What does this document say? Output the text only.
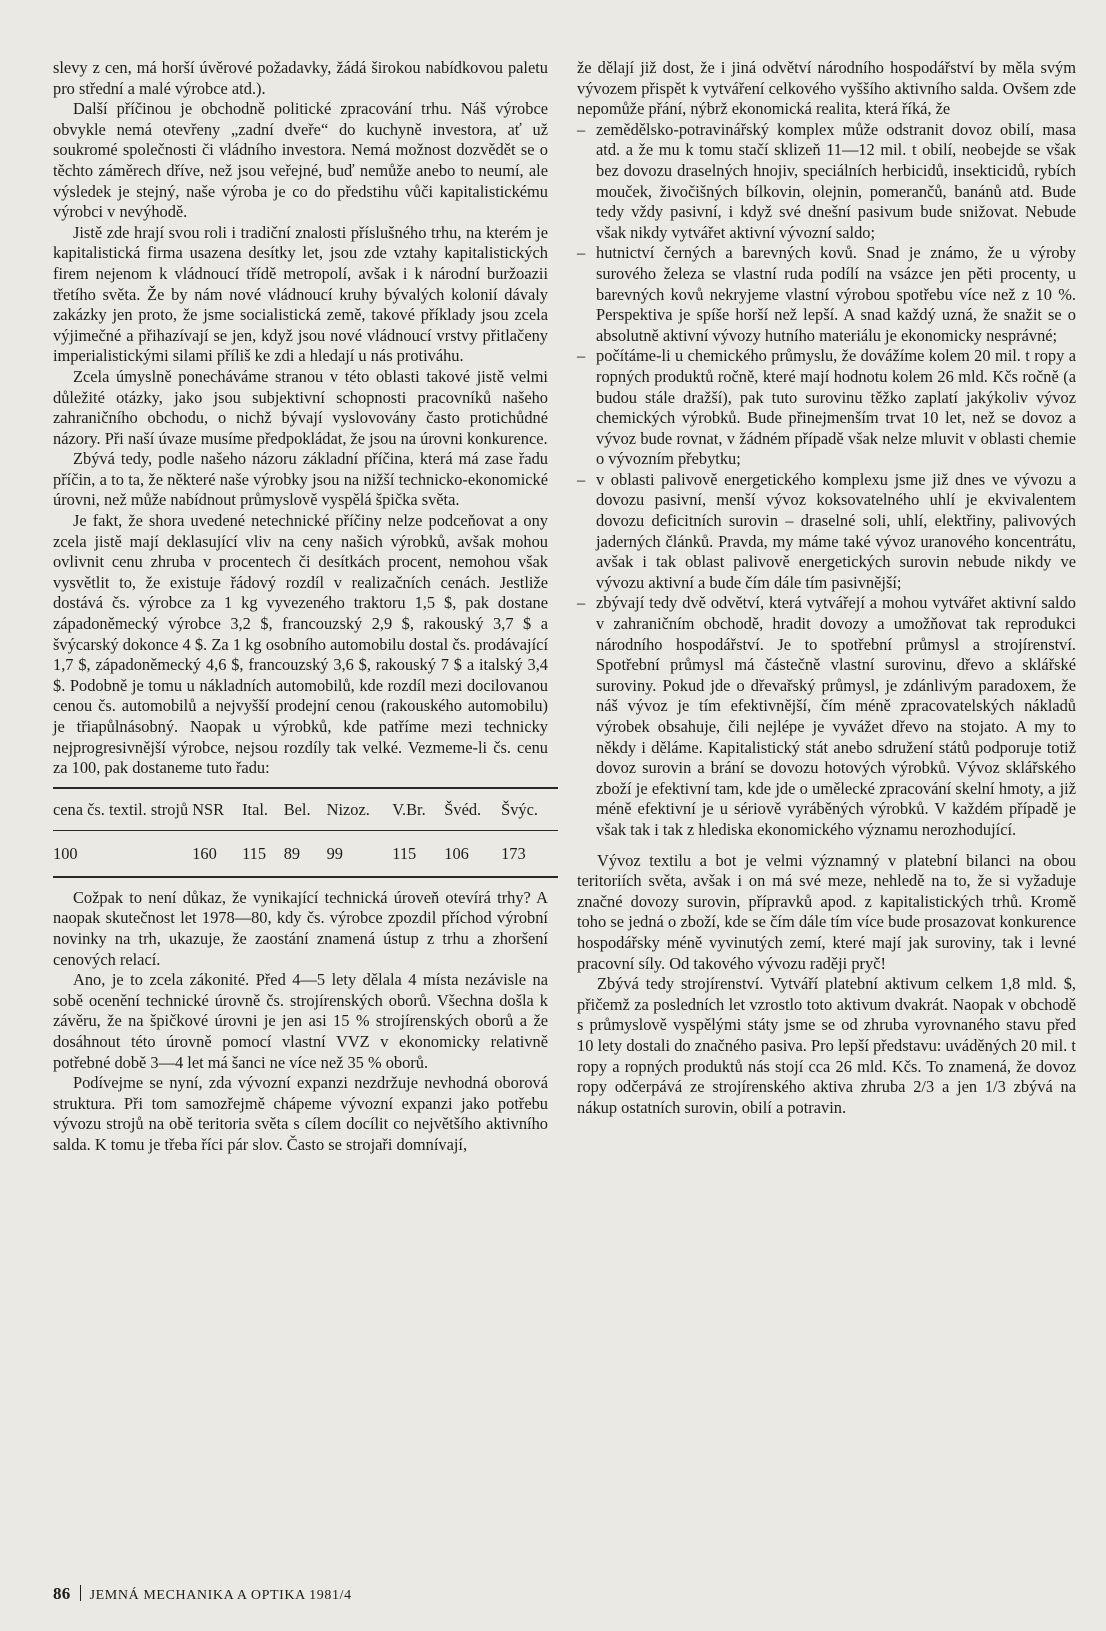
slevy z cen, má horší úvěrové požadavky, žádá širokou nabídkovou paletu pro střední a malé výrobce atd.).

Další příčinou je obchodně politické zpracování trhu. Náš výrobce obvykle nemá otevřeny „zadní dveře“ do kuchyně investora, ať už soukromé společnosti či vládního investora. Nemá možnost dozvědět se o těchto záměrech dříve, než jsou veřejné, buď nemůže anebo to neumí, ale výsledek je stejný, naše výroba je co do předstihu vůči kapitalistickému výrobci v nevýhodě.

Jistě zde hrají svou roli i tradiční znalosti příslušného trhu, na kterém je kapitalistická firma usazena desítky let, jsou zde vztahy kapitalistických firem nejenom k vládnoucí třídě metropolí, avšak i k národní buržoazii třetího světa. Že by nám nové vládnoucí kruhy bývalých kolonií dávaly zakázky jen proto, že jsme socialistická země, takové příklady jsou zcela výjimečné a přihazívají se jen, když jsou nové vládnoucí vrstvy přitlačeny imperialistickými silami příliš ke zdi a hledají u nás protiváhu.

Zcela úmyslně ponecháváme stranou v této oblasti takové jistě velmi důležité otázky, jako jsou subjektivní schopnosti pracovníků našeho zahraničního obchodu, o nichž bývají vyslovovány často protichůdné názory. Při naší úvaze musíme předpokládat, že jsou na úrovni konkurence.

Zbývá tedy, podle našeho názoru základní příčina, která má zase řadu příčin, a to ta, že některé naše výrobky jsou na nižší technicko-ekonomické úrovni, než může nabídnout průmyslově vyspělá špička světa.

Je fakt, že shora uvedené netechnické příčiny nelze podceňovat a ony zcela jistě mají deklasující vliv na ceny našich výrobků, avšak mohou ovlivnit cenu zhruba v procentech či desítkách procent, nemohou však vysvětlit to, že existuje řádový rozdíl v realizačních cenách. Jestliže dostává čs. výrobce za 1 kg vyvezeného traktoru 1,5 $, pak dostane západoněmecký výrobce 3,2 $, francouzský 2,9 $, rakouský 3,7 $ a švýcarský dokonce 4 $. Za 1 kg osobního automobilu dostal čs. prodávající 1,7 $, západoněmecký 4,6 $, francouzský 3,6 $, rakouský 7 $ a italský 3,4 $. Podobně je tomu u nákladních automobilů, kde rozdíl mezi docilovanou cenou čs. automobilů a nejvyšší prodejní cenou (rakouského automobilu) je třiapůlnásobný. Naopak u výrobků, kde patříme mezi technicky nejprogresivnější výrobce, nejsou rozdíly tak velké. Vezmeme-li čs. cenu za 100, pak dostaneme tuto řadu:

cena čs. textil. strojů	NSR	Ital.	Bel.	Nizoz.	V.Br.	Švéd.	Švýc.
100	160	115	89	99	115	106	173

Cožpak to není důkaz, že vynikající technická úroveň otevírá trhy? A naopak skutečnost let 1978—80, kdy čs. výrobce zpozdil příchod výrobní novinky na trh, ukazuje, že zaostání znamená ústup z trhu a zhoršení cenových relací.

Ano, je to zcela zákonité. Před 4—5 lety dělala 4 místa nezávisle na sobě ocenění technické úrovně čs. strojírenských oborů. Všechna došla k závěru, že na špičkové úrovni je jen asi 15 % strojírenských oborů a že dosáhnout této úrovně pomocí vlastní VVZ v ekonomicky relativně potřebné době 3—4 let má šanci ne více než 35 % oborů.

Podívejme se nyní, zda vývozní expanzi nezdržuje nevhodná oborová struktura. Při tom samozřejmě chápeme vývozní expanzi jako potřebu vývozu strojů na obě teritoria světa s cílem docílit co největšího aktivního salda. K tomu je třeba říci pár slov. Často se strojaři domnívají,

že dělají již dost, že i jiná odvětví národního hospodářství by měla svým vývozem přispět k vytváření celkového vyššího aktivního salda. Ovšem zde nepomůže přání, nýbrž ekonomická realita, která říká, že

– zemědělsko-potravinářský komplex může odstranit dovoz obilí, masa atd. a že mu k tomu stačí sklizeň 11—12 mil. t obilí, neobejde se však bez dovozu draselných hnojiv, speciálních herbicidů, insekticidů, rybích mouček, živočišných bílkovin, olejnin, pomerančů, banánů atd. Bude tedy vždy pasivní, i když své dnešní pasivum bude snižovat. Nebude však nikdy vytvářet aktivní vývozní saldo;
– hutnictví černých a barevných kovů. Snad je známo, že u výroby surového železa se vlastní ruda podílí na vsázce jen pěti procenty, u barevných kovů nekryjeme vlastní výrobou spotřebu více než z 10 %. Perspektiva je spíše horší než lepší. A snad každý uzná, že snažit se o absolutně aktivní vývozy hutního materiálu je ekonomicky nesprávné;
– počítáme-li u chemického průmyslu, že dovážíme kolem 20 mil. t ropy a ropných produktů ročně, které mají hodnotu kolem 26 mld. Kčs ročně (a budou stále dražší), pak tuto surovinu těžko zaplatí jakýkoliv vývoz chemických výrobků. Bude přinejmenším trvat 10 let, než se dovoz a vývoz bude rovnat, v žádném případě však nelze mluvit v oblasti chemie o vývozním přebytku;
– v oblasti palivově energetického komplexu jsme již dnes ve vývozu a dovozu pasivní, menší vývoz koksovatelného uhlí je ekvivalentem dovozu deficitních surovin – draselné soli, uhlí, elektřiny, palivových jaderných článků. Pravda, my máme také vývoz uranového koncentrátu, avšak i tak oblast palivově energetických surovin nebude nikdy ve vývozu aktivní a bude čím dále tím pasivnější;
– zbývají tedy dvě odvětví, která vytvářejí a mohou vytvářet aktivní saldo v zahraničním obchodě, hradit dovozy a umožňovat tak reprodukci národního hospodářství. Je to spotřební průmysl a strojírenství. Spotřební průmysl má částečně vlastní surovinu, dřevo a sklářské suroviny. Pokud jde o dřevařský průmysl, je zdánlivým paradoxem, že náš vývoz je tím efektivnější, čím méně zpracovatelských nákladů výrobek obsahuje, čili nejlépe je vyvážet dřevo na stojato. A my to někdy i děláme. Kapitalistický stát anebo sdružení států podporuje totiž dovoz surovin a brání se dovozu hotových výrobků. Vývoz sklářského zboží je efektivní tam, kde jde o umělecké zpracování skelní hmoty, a již méně efektivní je u sériově vyráběných výrobků. V každém případě je však tak i tak z hlediska ekonomického významu nerozhodující.

Vývoz textilu a bot je velmi významný v platební bilanci na obou teritoriích světa, avšak i on má své meze, nehledě na to, že si vyžaduje značné dovozy surovin, přípravků apod. z kapitalistických trhů. Kromě toho se jedná o zboží, kde se čím dále tím více bude prosazovat konkurence hospodářsky méně vyvinutých zemí, které mají jak suroviny, tak i levné pracovní síly. Od takového vývozu raději pryč!

Zbývá tedy strojírenství. Vytváří platební aktivum celkem 1,8 mld. $, přičemž za posledních let vzrostlo toto aktivum dvakrát. Naopak v obchodě s průmyslově vyspělými státy jsme se od zhruba vyrovnaného stavu před 10 lety dostali do značného pasiva. Pro lepší představu: uváděných 20 mil. t ropy a ropných produktů nás stojí cca 26 mld. Kčs. To znamená, že dovoz ropy odčerpává ze strojírenského aktiva zhruba 2/3 a jen 1/3 zbývá na nákup ostatních surovin, obilí a potravin.

86 JEMNÁ MECHANIKA A OPTIKA 1981/4
